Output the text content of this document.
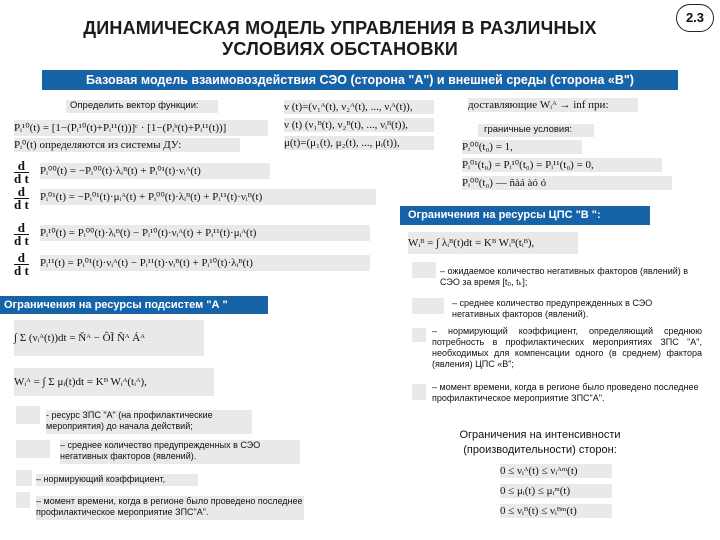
ДИНАМИЧЕСКАЯ МОДЕЛЬ УПРАВЛЕНИЯ В РАЗЛИЧНЫХ
УСЛОВИЯХ ОБСТАНОВКИ
2.3
Базовая модель взаимовоздействия СЭО (сторона "А") и внешней среды (сторона «В")
Определить вектор функции:
Pᵢ¹⁰(t) = [1−(Pᵢ¹⁰(t)+Pᵢ¹¹(t))]ᶜ · [1−(Pᵢᵇ(t)+Pᵢ¹¹(t))]
Pᵢ⁰(t) определяются из системы ДУ:
d
d t Pᵢ⁰⁰(t) = −Pᵢ⁰⁰(t)·λᵢᴮ(t) + Pᵢ⁰¹(t)·νᵢᴬ(t)
d
d t Pᵢ⁰¹(t) = −Pᵢ⁰¹(t)·μᵢᴬ(t) + Pᵢ⁰⁰(t)·λᵢᴮ(t) + Pᵢ¹¹(t)·νᵢᴮ(t)
d
d t Pᵢ¹⁰(t) = Pᵢ⁰⁰(t)·λᵢᴮ(t) − Pᵢ¹⁰(t)·νᵢᴬ(t) + Pᵢ¹¹(t)·μᵢᴬ(t)
d
d t Pᵢ¹¹(t) = Pᵢ⁰¹(t)·νᵢᴬ(t) − Pᵢ¹¹(t)·νᵢᴮ(t) + Pᵢ¹⁰(t)·λᵢᴮ(t)
ν (t)=(ν₁ᴬ(t), ν₂ᴬ(t), ..., νᵢᴬ(t)),
ν (t) (ν₁ᴮ(t), ν₂ᴮ(t), ..., νᵢᴮ(t)),
μ(t)=(μ₁(t), μ₂(t), ..., μᵢ(t)),
доставляющие Wᵢᴬ → inf при:
граничные условия:
Pᵢ⁰⁰(t₀) = 1,
Pᵢ⁰¹(t₀) = Pᵢ¹⁰(t₀) = Pᵢ¹¹(t₀) = 0,
Pᵢ⁰⁰(t₀) — ñàá àó ó
Ограничения на ресурсы ЦПС "В ":
Wᵢᴮ = ∫ λᵢᴮ(t)dt = Kᴮ Wᵢᴮ(tᵢᴮ),
– ожидаемое количество негативных факторов (явлений) в СЭО за время [t₀, tₖ];
– среднее количество предупрежденных в СЭО негативных факторов (явлений).
– нормирующий коэффициент, определяющий среднюю потребность в профилактических мероприятиях ЗПС "А", необходимых для компенсации одного (в среднем) фактора (явления) ЦПС «В";
– момент времени, когда в регионе было проведено последнее профилактическое мероприятие ЗПС"А".
Ограничения на интенсивности (производительности) сторон:
0 ≤ νᵢᴬ(t) ≤ νᵢᴬᵐ(t)
0 ≤ μᵢ(t) ≤ μᵢᵐ(t)
0 ≤ νᵢᴮ(t) ≤ νᵢᴮᵐ(t)
Ограничения на ресурсы подсистем "А "
∫ Σ (νᵢᴬ(t))dt = Ňᴬ − ÔĨ Ñᴬ Áᴬ
Wᵢᴬ = ∫ Σ μᵢ(t)dt = Kᴮ Wᵢᴬ(tᵢᴬ),
- ресурс ЗПС "А" (на профилактические мероприятия) до начала действий;
– среднее количество предупрежденных в СЭО негативных факторов (явлений).
– нормирующий коэффициент,
– момент времени, когда в регионе было проведено последнее профилактическое мероприятие ЗПС"А".
